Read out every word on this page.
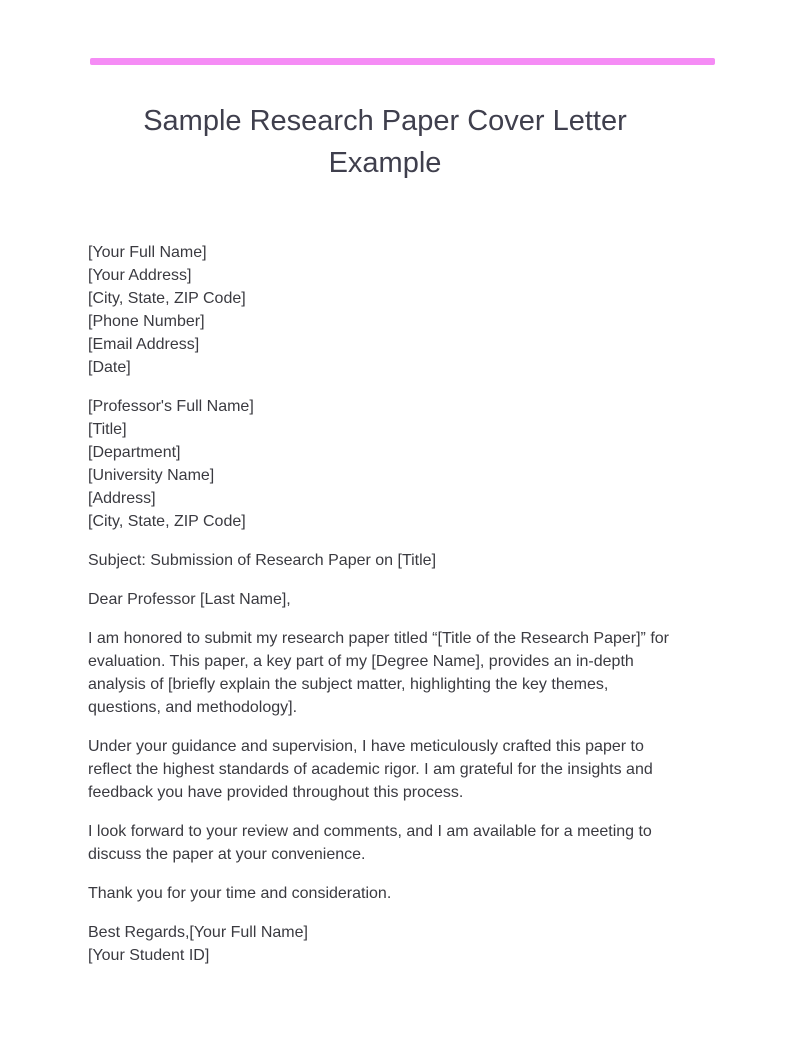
Sample Research Paper Cover Letter
Example
[Your Full Name]
[Your Address]
[City, State, ZIP Code]
[Phone Number]
[Email Address]
[Date]
[Professor's Full Name]
[Title]
[Department]
[University Name]
[Address]
[City, State, ZIP Code]
Subject: Submission of Research Paper on [Title]
Dear Professor [Last Name],
I am honored to submit my research paper titled “[Title of the Research Paper]” for
evaluation. This paper, a key part of my [Degree Name], provides an in-depth
analysis of [briefly explain the subject matter, highlighting the key themes,
questions, and methodology].
Under your guidance and supervision, I have meticulously crafted this paper to
reflect the highest standards of academic rigor. I am grateful for the insights and
feedback you have provided throughout this process.
I look forward to your review and comments, and I am available for a meeting to
discuss the paper at your convenience.
Thank you for your time and consideration.
Best Regards,[Your Full Name]
[Your Student ID]
